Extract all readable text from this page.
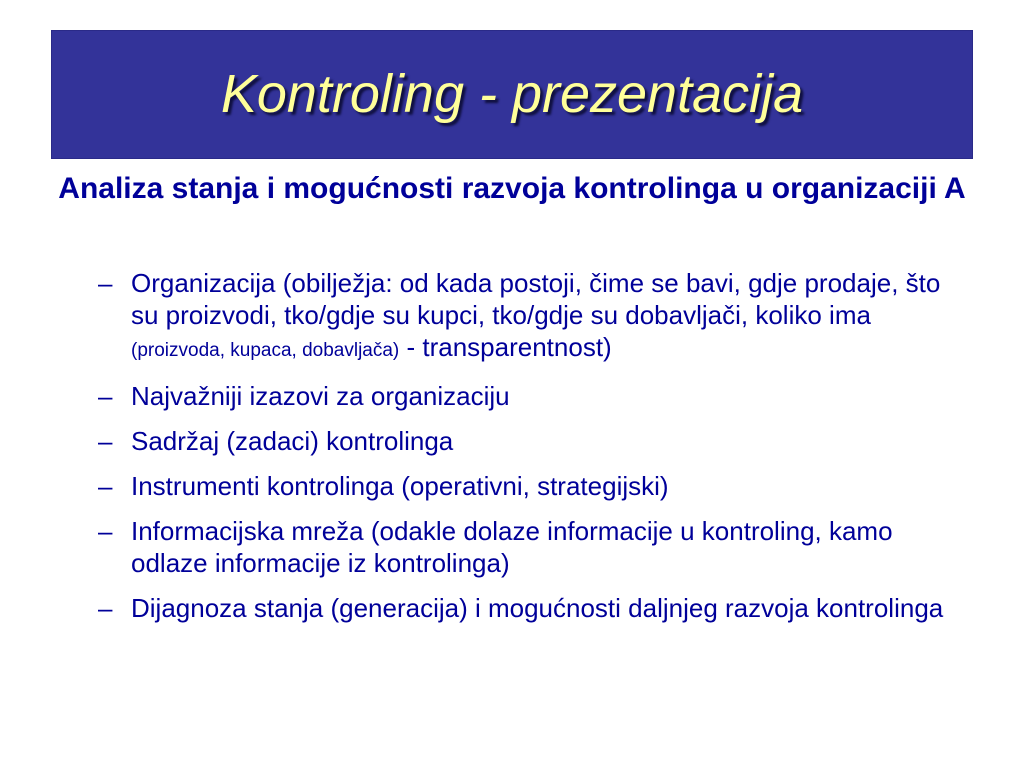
Kontroling - prezentacija
Analiza stanja i mogućnosti razvoja kontrolinga u organizaciji A
– Organizacija (obilježja: od kada postoji, čime se bavi, gdje prodaje, što su proizvodi, tko/gdje su kupci, tko/gdje su dobavljači, koliko ima (proizvoda, kupaca, dobavljača) - transparentnost)
– Najvažniji izazovi za organizaciju
– Sadržaj (zadaci) kontrolinga
– Instrumenti kontrolinga (operativni, strategijski)
– Informacijska mreža (odakle dolaze informacije u kontroling, kamo odlaze informacije iz kontrolinga)
– Dijagnoza stanja (generacija) i mogućnosti daljnjeg razvoja kontrolinga
